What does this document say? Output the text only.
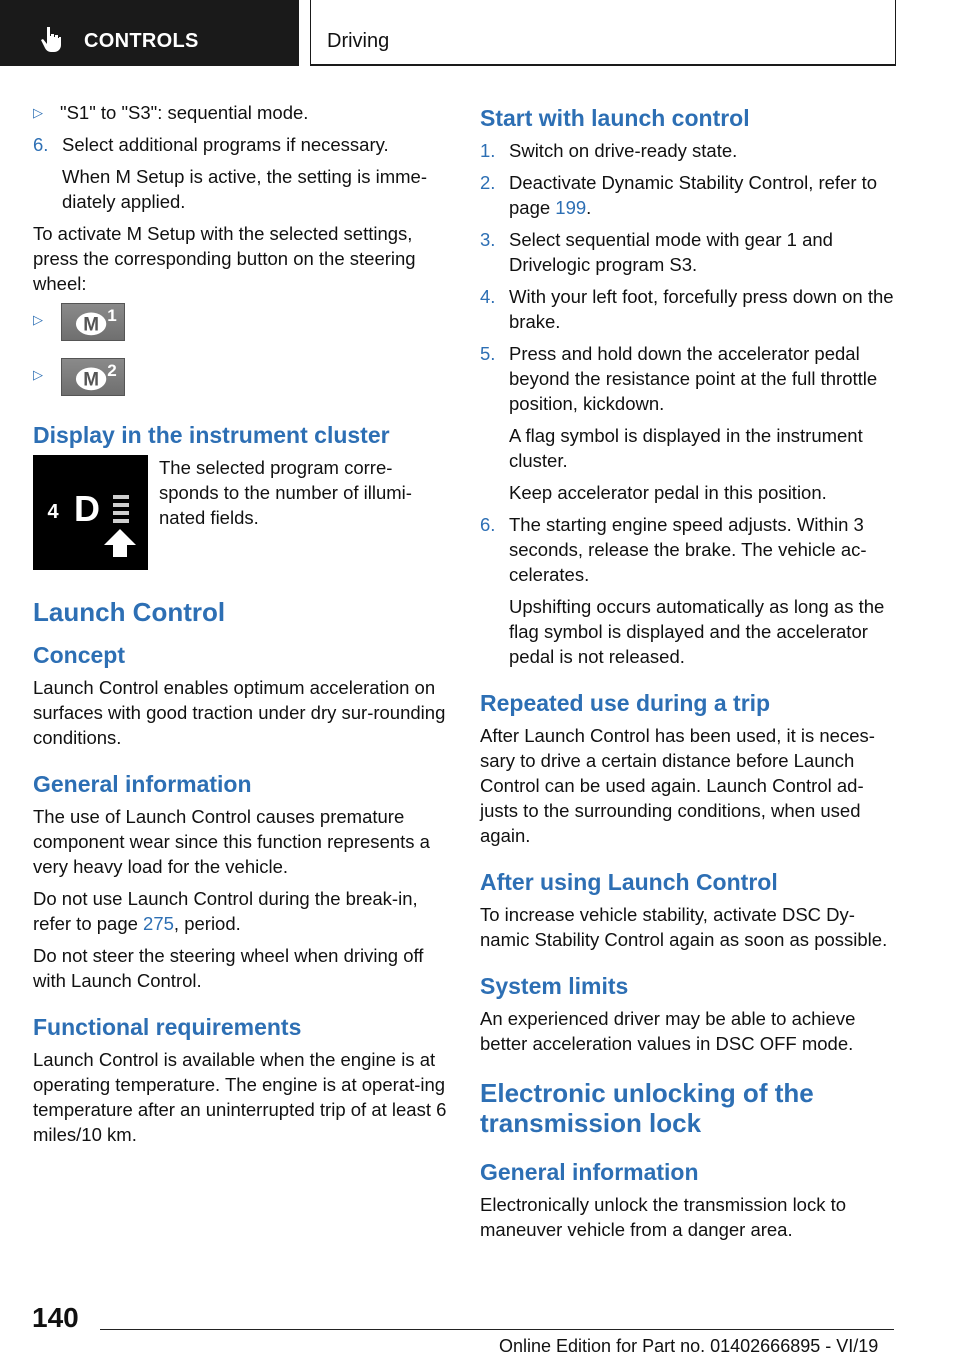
CONTROLS	Driving
▷ "S1" to "S3": sequential mode.
6. Select additional programs if necessary.
When M Setup is active, the setting is imme‐diately applied.

To activate M Setup with the selected settings, press the corresponding button on the steering wheel:

▷ M 1
▷ M 2
Display in the instrument cluster
4 D
The selected program corre‐sponds to the number of illumi‐nated fields.
Launch Control
Concept

Launch Control enables optimum acceleration on surfaces with good traction under dry sur‐rounding conditions.

General information

The use of Launch Control causes premature component wear since this function represents a very heavy load for the vehicle.

Do not use Launch Control during the break-in, refer to page 275, period.

Do not steer the steering wheel when driving off with Launch Control.

Functional requirements

Launch Control is available when the engine is at operating temperature. The engine is at operat‐ing temperature after an uninterrupted trip of at least 6 miles/10 km.

Start with launch control
1. Switch on drive-ready state.
2. Deactivate Dynamic Stability Control, refer to page 199.
3. Select sequential mode with gear 1 and Drivelogic program S3.
4. With your left foot, forcefully press down on the brake.
5. Press and hold down the accelerator pedal beyond the resistance point at the full throttle position, kickdown.
A flag symbol is displayed in the instrument cluster.
Keep accelerator pedal in this position.
6. The starting engine speed adjusts. Within 3 seconds, release the brake. The vehicle ac‐celerates.
Upshifting occurs automatically as long as the flag symbol is displayed and the accelerator pedal is not released.
Repeated use during a trip

After Launch Control has been used, it is neces‐sary to drive a certain distance before Launch Control can be used again. Launch Control ad‐justs to the surrounding conditions, when used again.

After using Launch Control

To increase vehicle stability, activate DSC Dy‐namic Stability Control again as soon as possible.

System limits

An experienced driver may be able to achieve better acceleration values in DSC OFF mode.

Electronic unlocking of the transmission lock
General information

Electronically unlock the transmission lock to maneuver vehicle from a danger area.

140
Online Edition for Part no. 01402666895 - VI/19
